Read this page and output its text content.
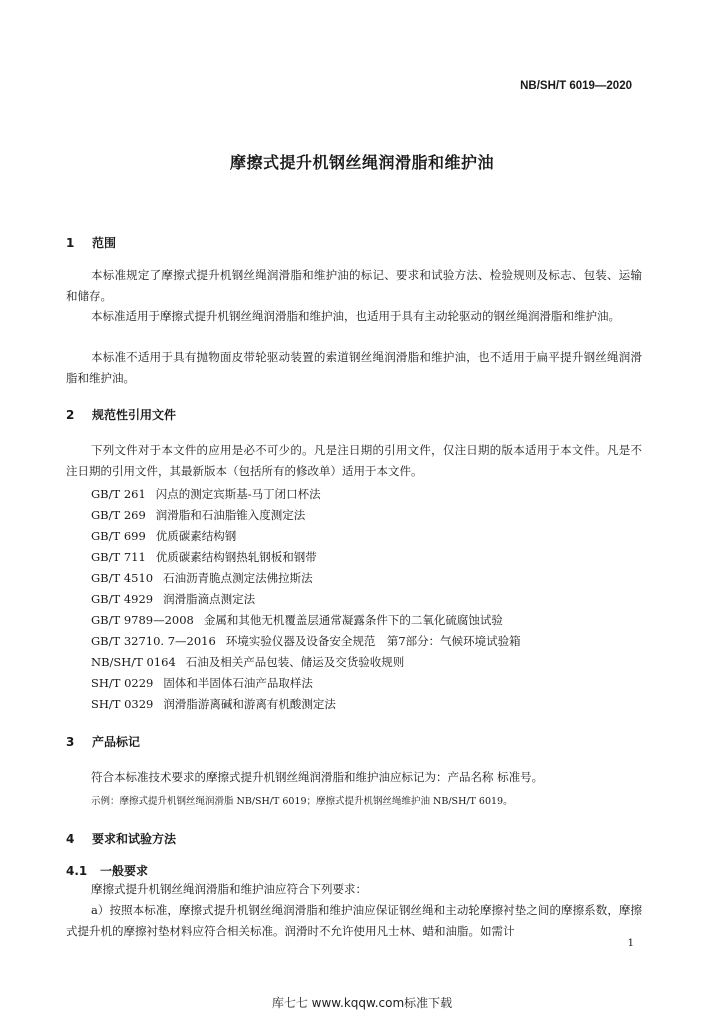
NB/SH/T 6019—2020
摩擦式提升机钢丝绳润滑脂和维护油
1 范围

本标准规定了摩擦式提升机钢丝绳润滑脂和维护油的标记、要求和试验方法、检验规则及标志、包装、运输和储存。

本标准适用于摩擦式提升机钢丝绳润滑脂和维护油，也适用于具有主动轮驱动的钢丝绳润滑脂和维护油。

本标准不适用于具有抛物面皮带轮驱动装置的索道钢丝绳润滑脂和维护油，也不适用于扁平提升钢丝绳润滑脂和维护油。

2 规范性引用文件

下列文件对于本文件的应用是必不可少的。凡是注日期的引用文件，仅注日期的版本适用于本文件。凡是不注日期的引用文件，其最新版本（包括所有的修改单）适用于本文件。

GB/T 261 闪点的测定宾斯基-马丁闭口杯法
GB/T 269 润滑脂和石油脂锥入度测定法
GB/T 699 优质碳素结构钢
GB/T 711 优质碳素结构钢热轧钢板和钢带
GB/T 4510 石油沥青脆点测定法佛拉斯法
GB/T 4929 润滑脂滴点测定法
GB/T 9789—2008 金属和其他无机覆盖层通常凝露条件下的二氧化硫腐蚀试验
GB/T 32710. 7—2016 环境实验仪器及设备安全规范　第7部分：气候环境试验箱
NB/SH/T 0164 石油及相关产品包装、储运及交货验收规则
SH/T 0229 固体和半固体石油产品取样法
SH/T 0329 润滑脂游离碱和游离有机酸测定法
3 产品标记

符合本标准技术要求的摩擦式提升机钢丝绳润滑脂和维护油应标记为：产品名称 标准号。

示例：摩擦式提升机钢丝绳润滑脂 NB/SH/T 6019；摩擦式提升机钢丝绳维护油 NB/SH/T 6019。
4 要求和试验方法
4.1 一般要求

摩擦式提升机钢丝绳润滑脂和维护油应符合下列要求：

a）按照本标准，摩擦式提升机钢丝绳润滑脂和维护油应保证钢丝绳和主动轮摩擦衬垫之间的摩擦系数，摩擦式提升机的摩擦衬垫材料应符合相关标准。润滑时不允许使用凡士林、蜡和油脂。如需计

1
库七七 www.kqqw.com标准下载
